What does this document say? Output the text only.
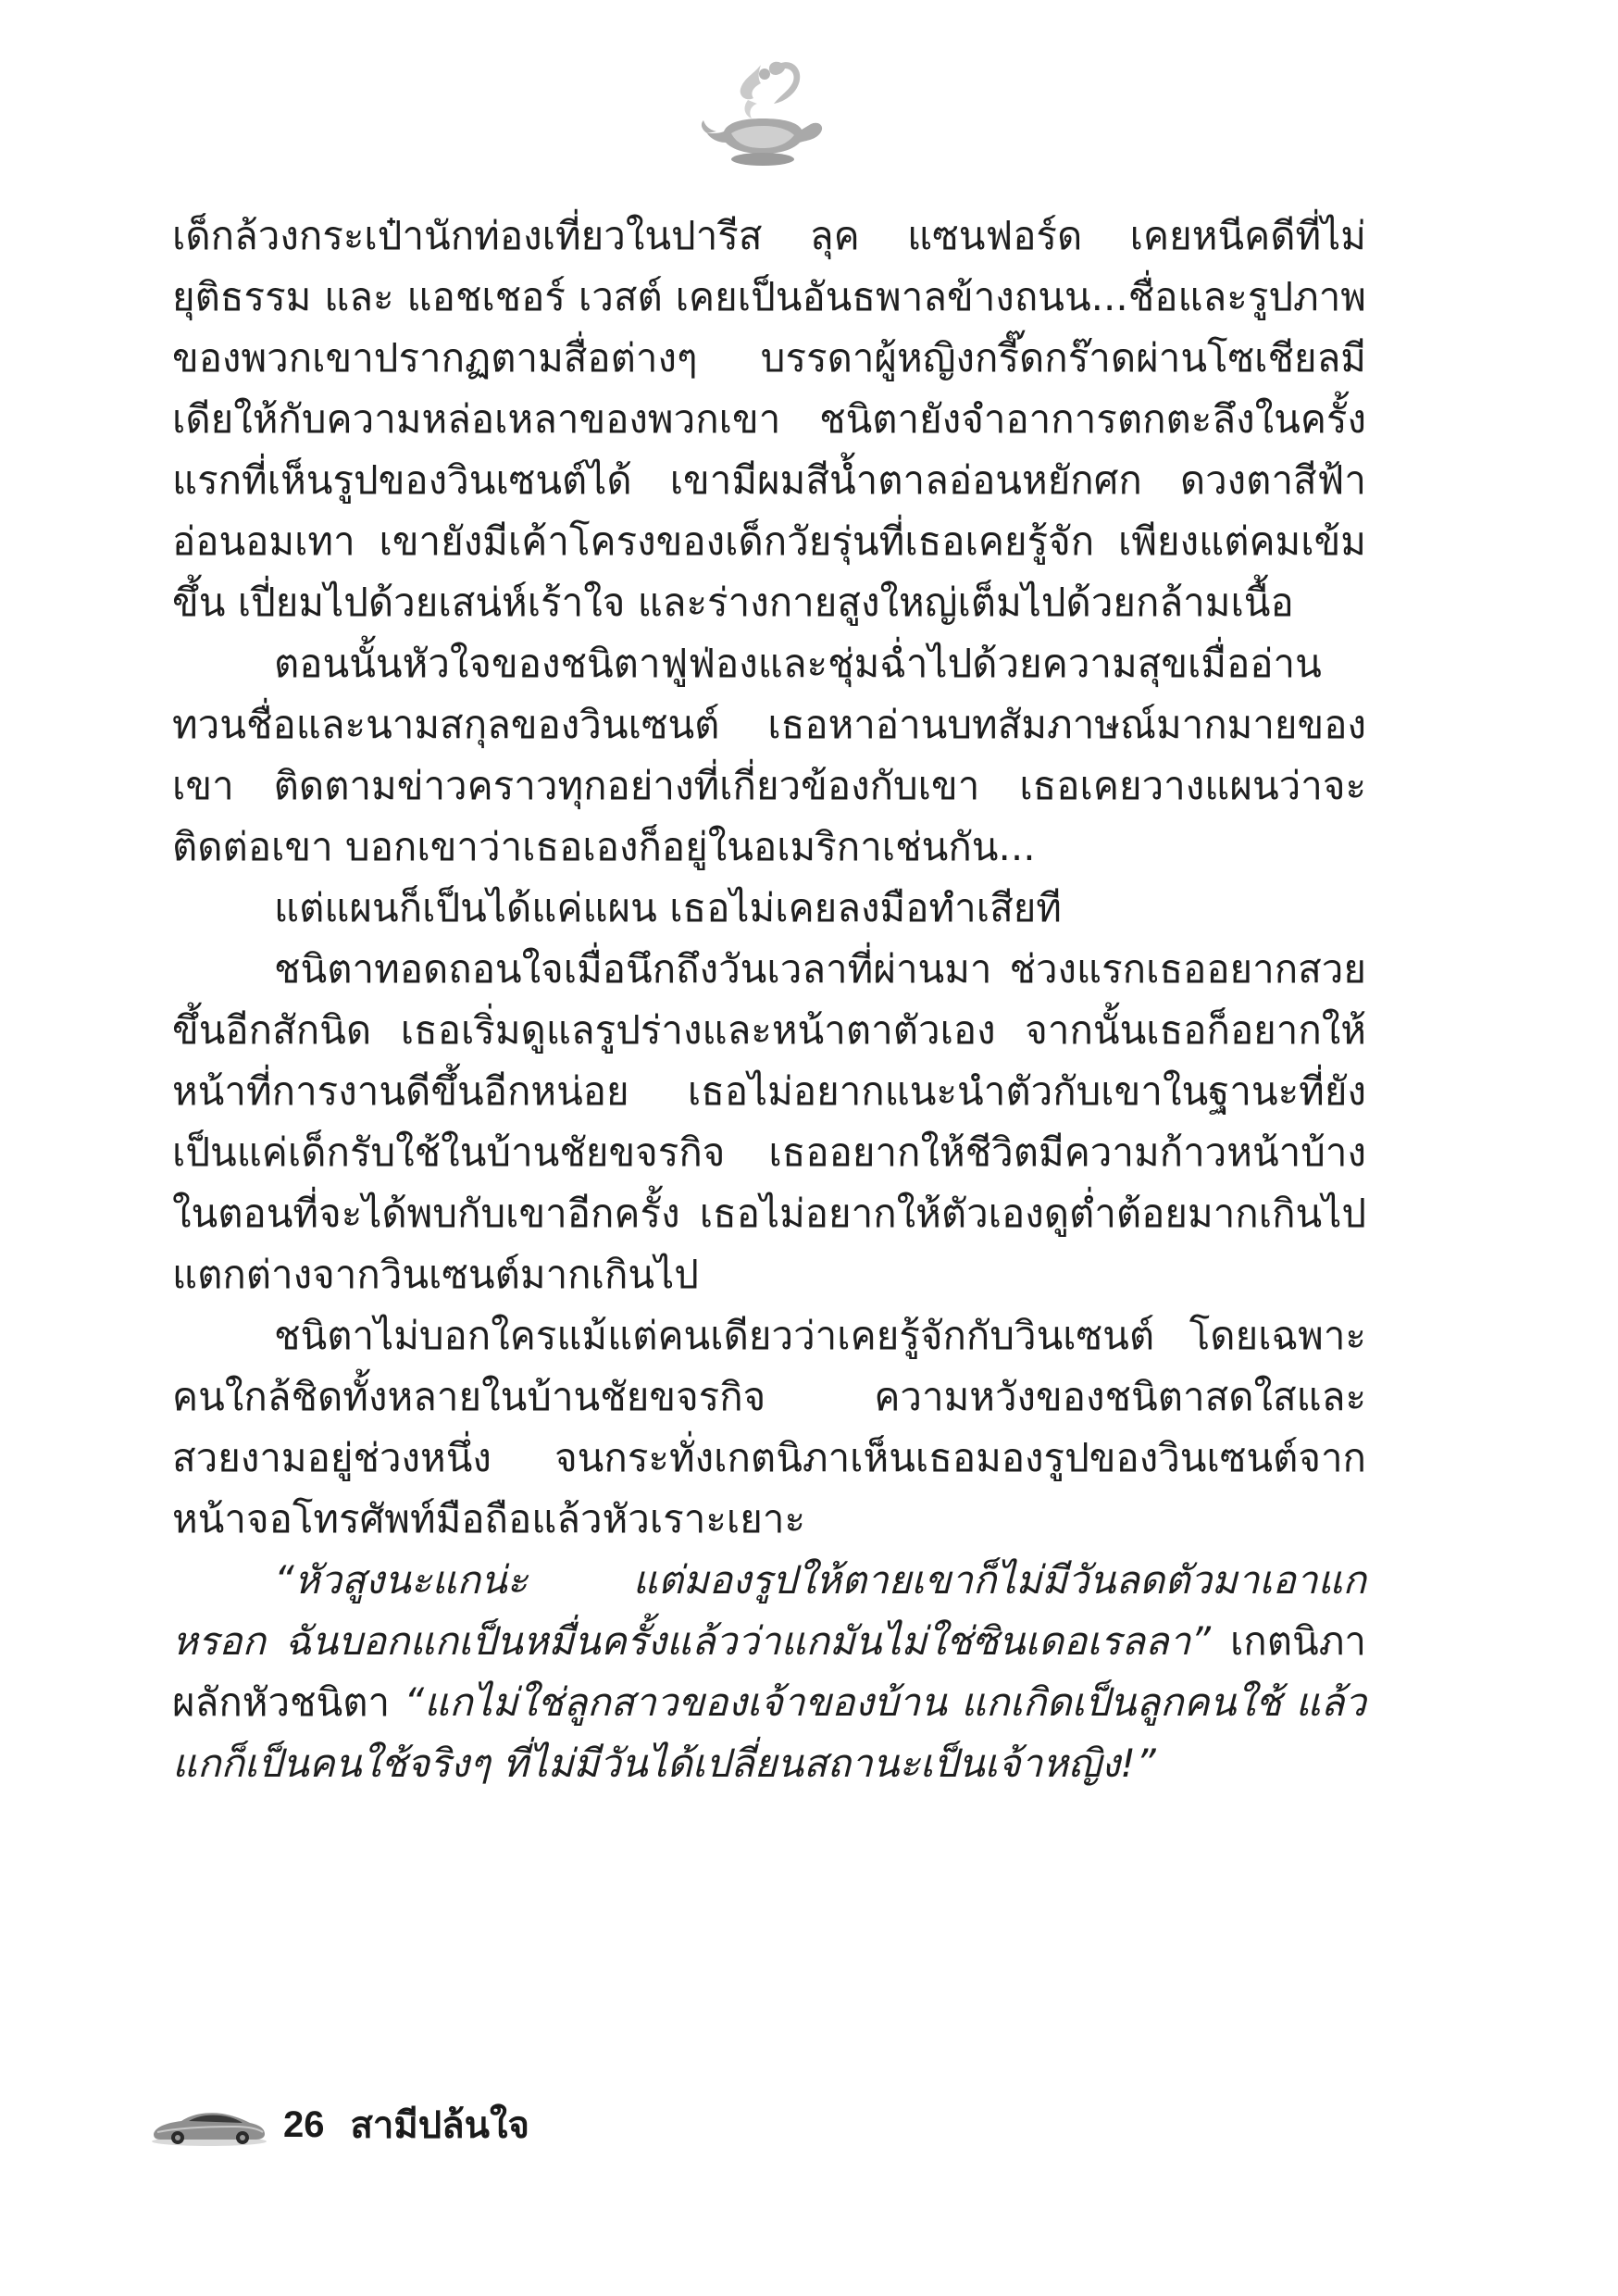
เด็กล้วงกระเป๋านักท่องเที่ยวในปารีส ลุค แซนฟอร์ด เคยหนีคดีที่ไม่ยุติธรรม และ แอชเชอร์ เวสต์ เคยเป็นอันธพาลข้างถนน...ชื่อและรูปภาพของพวกเขาปรากฏตามสื่อต่างๆ บรรดาผู้หญิงกรี๊ดกร๊าดผ่านโซเชียลมีเดียให้กับความหล่อเหลาของพวกเขา ชนิตายังจำอาการตกตะลึงในครั้งแรกที่เห็นรูปของวินเซนต์ได้ เขามีผมสีน้ำตาลอ่อนหยักศก ดวงตาสีฟ้าอ่อนอมเทา เขายังมีเค้าโครงของเด็กวัยรุ่นที่เธอเคยรู้จัก เพียงแต่คมเข้มขึ้น เปี่ยมไปด้วยเสน่ห์เร้าใจ และร่างกายสูงใหญ่เต็มไปด้วยกล้ามเนื้อ

ตอนนั้นหัวใจของชนิตาฟูฟ่องและชุ่มฉ่ำไปด้วยความสุขเมื่ออ่านทวนชื่อและนามสกุลของวินเซนต์ เธอหาอ่านบทสัมภาษณ์มากมายของเขา ติดตามข่าวคราวทุกอย่างที่เกี่ยวข้องกับเขา เธอเคยวางแผนว่าจะติดต่อเขา บอกเขาว่าเธอเองก็อยู่ในอเมริกาเช่นกัน...

แต่แผนก็เป็นได้แค่แผน เธอไม่เคยลงมือทำเสียที

ชนิตาทอดถอนใจเมื่อนึกถึงวันเวลาที่ผ่านมา ช่วงแรกเธออยากสวยขึ้นอีกสักนิด เธอเริ่มดูแลรูปร่างและหน้าตาตัวเอง จากนั้นเธอก็อยากให้หน้าที่การงานดีขึ้นอีกหน่อย เธอไม่อยากแนะนำตัวกับเขาในฐานะที่ยังเป็นแค่เด็กรับใช้ในบ้านชัยขจรกิจ เธออยากให้ชีวิตมีความก้าวหน้าบ้างในตอนที่จะได้พบกับเขาอีกครั้ง เธอไม่อยากให้ตัวเองดูต่ำต้อยมากเกินไป แตกต่างจากวินเซนต์มากเกินไป

ชนิตาไม่บอกใครแม้แต่คนเดียวว่าเคยรู้จักกับวินเซนต์ โดยเฉพาะคนใกล้ชิดทั้งหลายในบ้านชัยขจรกิจ ความหวังของชนิตาสดใสและสวยงามอยู่ช่วงหนึ่ง จนกระทั่งเกตนิภาเห็นเธอมองรูปของวินเซนต์จากหน้าจอโทรศัพท์มือถือแล้วหัวเราะเยาะ

“หัวสูงนะแกน่ะ แต่มองรูปให้ตายเขาก็ไม่มีวันลดตัวมาเอาแกหรอก ฉันบอกแกเป็นหมื่นครั้งแล้วว่าแกมันไม่ใช่ซินเดอเรลลา” เกตนิภาผลักหัวชนิตา “แกไม่ใช่ลูกสาวของเจ้าของบ้าน แกเกิดเป็นลูกคนใช้ แล้วแกก็เป็นคนใช้จริงๆ ที่ไม่มีวันได้เปลี่ยนสถานะเป็นเจ้าหญิง!”

26 สามีปล้นใจ
